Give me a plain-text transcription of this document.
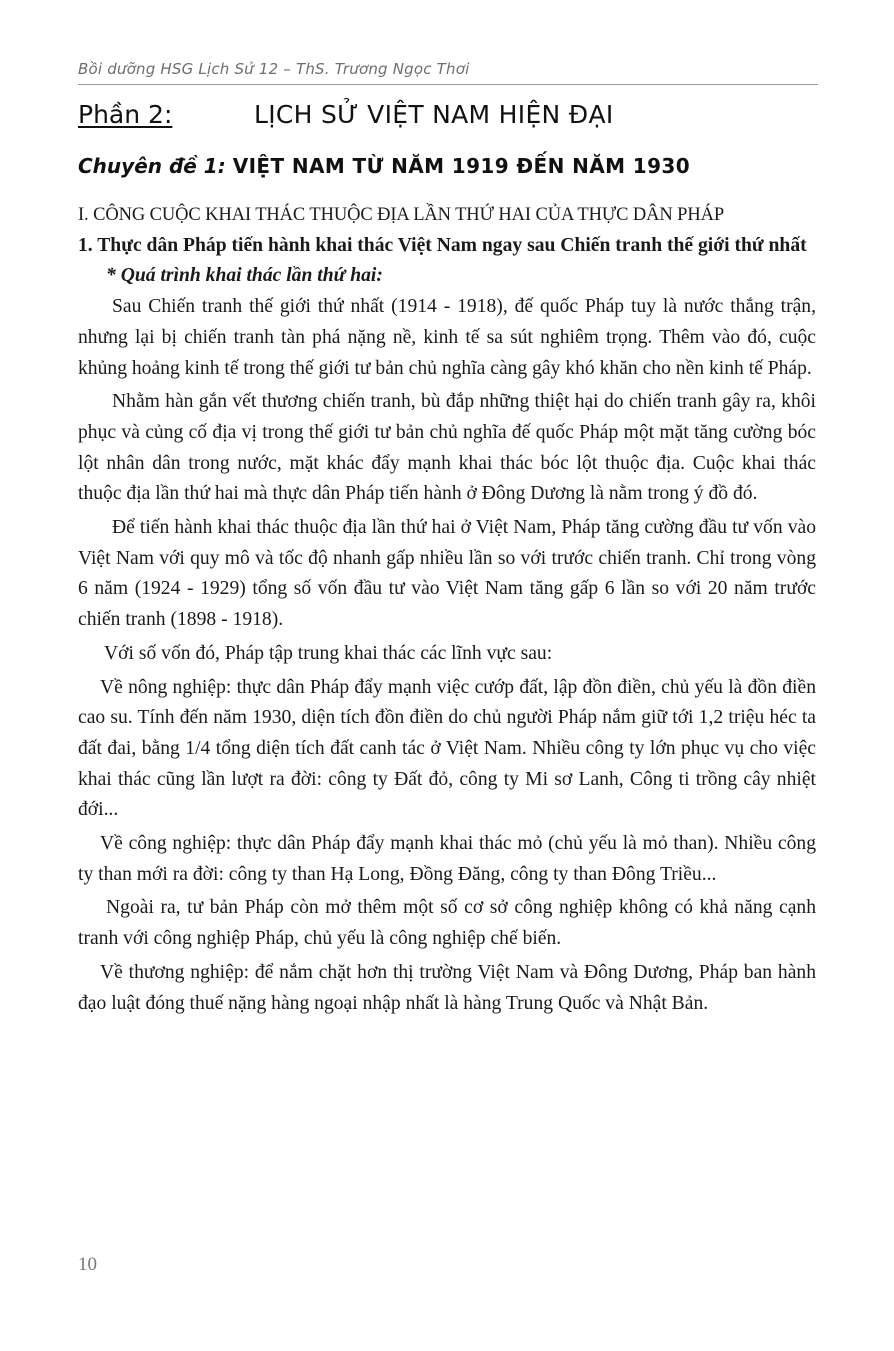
Bồi dưỡng HSG Lịch Sử 12 – ThS. Trương Ngọc Thơi
Phần 2:	LỊCH SỬ VIỆT NAM HIỆN ĐẠI
Chuyên đề 1: VIỆT NAM TỪ NĂM 1919 ĐẾN NĂM 1930

I. CÔNG CUỘC KHAI THÁC THUỘC ĐỊA LẦN THỨ HAI CỦA THỰC DÂN PHÁP

1. Thực dân Pháp tiến hành khai thác Việt Nam ngay sau Chiến tranh thế giới thứ nhất

* Quá trình khai thác lần thứ hai:

Sau Chiến tranh thế giới thứ nhất (1914 - 1918), đế quốc Pháp tuy là nước thắng trận, nhưng lại bị chiến tranh tàn phá nặng nề, kinh tế sa sút nghiêm trọng. Thêm vào đó, cuộc khủng hoảng kinh tế trong thế giới tư bản chủ nghĩa càng gây khó khăn cho nền kinh tế Pháp.

Nhằm hàn gắn vết thương chiến tranh, bù đắp những thiệt hại do chiến tranh gây ra, khôi phục và củng cố địa vị trong thế giới tư bản chủ nghĩa đế quốc Pháp một mặt tăng cường bóc lột nhân dân trong nước, mặt khác đẩy mạnh khai thác bóc lột thuộc địa. Cuộc khai thác thuộc địa lần thứ hai mà thực dân Pháp tiến hành ở Đông Dương là nằm trong ý đồ đó.

Để tiến hành khai thác thuộc địa lần thứ hai ở Việt Nam, Pháp tăng cường đầu tư vốn vào Việt Nam với quy mô và tốc độ nhanh gấp nhiều lần so với trước chiến tranh. Chỉ trong vòng 6 năm (1924 - 1929) tổng số vốn đầu tư vào Việt Nam tăng gấp 6 lần so với 20 năm trước chiến tranh (1898 - 1918).

Với số vốn đó, Pháp tập trung khai thác các lĩnh vực sau:

Về nông nghiệp: thực dân Pháp đẩy mạnh việc cướp đất, lập đồn điền, chủ yếu là đồn điền cao su. Tính đến năm 1930, diện tích đồn điền do chủ người Pháp nắm giữ tới 1,2 triệu héc ta đất đai, bằng 1/4 tổng diện tích đất canh tác ở Việt Nam. Nhiều công ty lớn phục vụ cho việc khai thác cũng lần lượt ra đời: công ty Đất đỏ, công ty Mi sơ Lanh, Công ti trồng cây nhiệt đới...

Về công nghiệp: thực dân Pháp đẩy mạnh khai thác mỏ (chủ yếu là mỏ than). Nhiều công ty than mới ra đời: công ty than Hạ Long, Đồng Đăng, công ty than Đông Triều...

Ngoài ra, tư bản Pháp còn mở thêm một số cơ sở công nghiệp không có khả năng cạnh tranh với công nghiệp Pháp, chủ yếu là công nghiệp chế biến.

Về thương nghiệp: để nắm chặt hơn thị trường Việt Nam và Đông Dương, Pháp ban hành đạo luật đóng thuế nặng hàng ngoại nhập nhất là hàng Trung Quốc và Nhật Bản.

10
